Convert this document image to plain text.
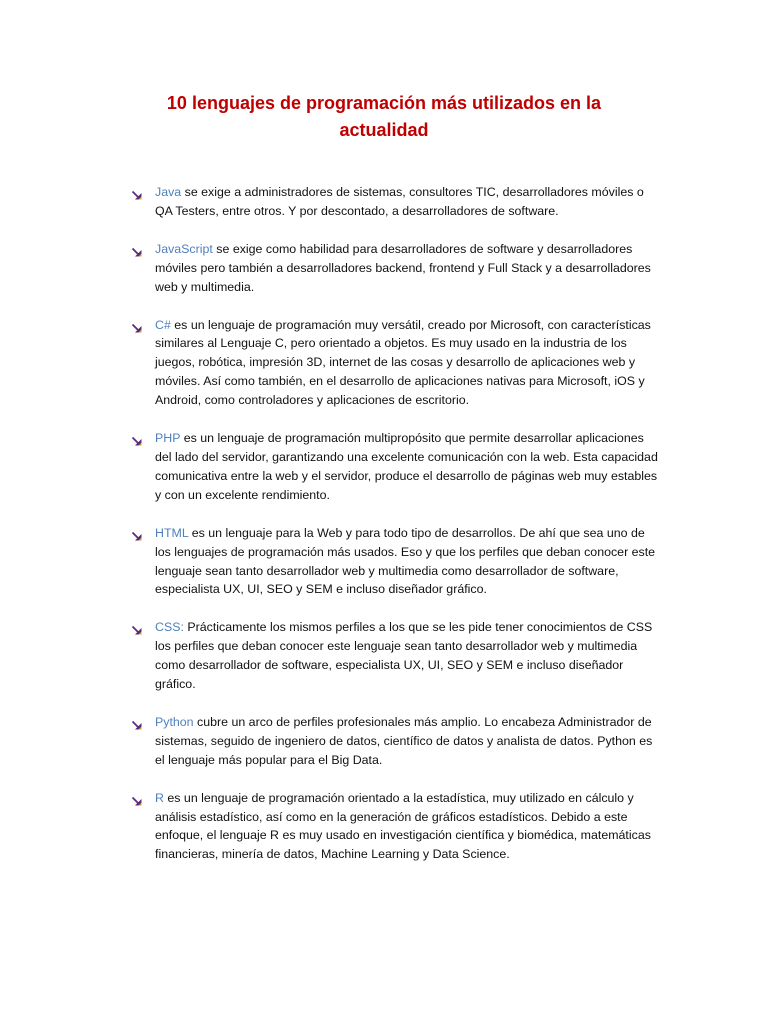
10 lenguajes de programación más utilizados en la
actualidad
Java se exige a administradores de sistemas, consultores TIC, desarrolladores móviles o QA Testers, entre otros. Y por descontado, a desarrolladores de software.
JavaScript se exige como habilidad para desarrolladores de software y desarrolladores móviles pero también a desarrolladores backend, frontend y Full Stack y a desarrolladores web y multimedia.
C# es un lenguaje de programación muy versátil, creado por Microsoft, con características similares al Lenguaje C, pero orientado a objetos. Es muy usado en la industria de los juegos, robótica, impresión 3D, internet de las cosas y desarrollo de aplicaciones web y móviles. Así como también, en el desarrollo de aplicaciones nativas para Microsoft, iOS y Android, como controladores y aplicaciones de escritorio.
PHP es un lenguaje de programación multipropósito que permite desarrollar aplicaciones del lado del servidor, garantizando una excelente comunicación con la web. Esta capacidad comunicativa entre la web y el servidor, produce el desarrollo de páginas web muy estables y con un excelente rendimiento.
HTML es un lenguaje para la Web y para todo tipo de desarrollos. De ahí que sea uno de los lenguajes de programación más usados. Eso y que los perfiles que deban conocer este lenguaje sean tanto desarrollador web y multimedia como desarrollador de software, especialista UX, UI, SEO y SEM e incluso diseñador gráfico.
CSS: Prácticamente los mismos perfiles a los que se les pide tener conocimientos de CSS los perfiles que deban conocer este lenguaje sean tanto desarrollador web y multimedia como desarrollador de software, especialista UX, UI, SEO y SEM e incluso diseñador gráfico.
Python cubre un arco de perfiles profesionales más amplio. Lo encabeza Administrador de sistemas, seguido de ingeniero de datos, científico de datos y analista de datos. Python es el lenguaje más popular para el Big Data.
R es un lenguaje de programación orientado a la estadística, muy utilizado en cálculo y análisis estadístico, así como en la generación de gráficos estadísticos. Debido a este enfoque, el lenguaje R es muy usado en investigación científica y biomédica, matemáticas financieras, minería de datos, Machine Learning y Data Science.
